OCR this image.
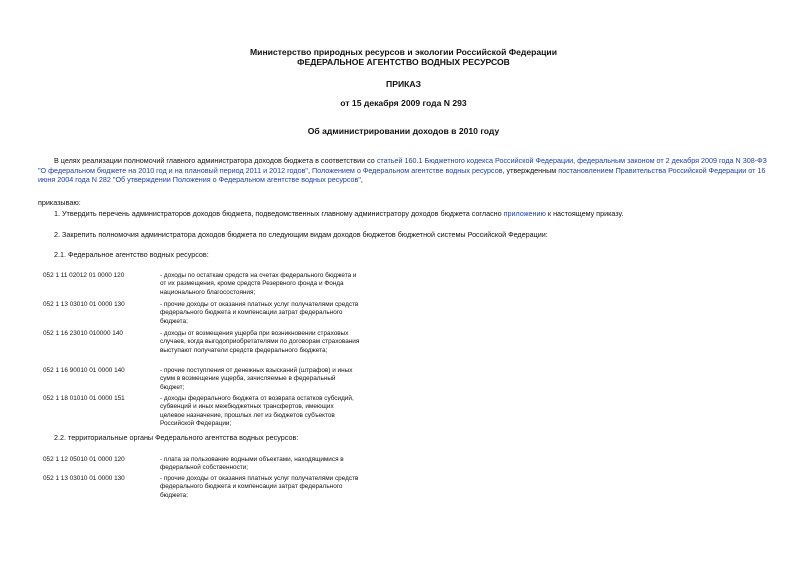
Министерство природных ресурсов и экологии Российской Федерации
ФЕДЕРАЛЬНОЕ АГЕНТСТВО ВОДНЫХ РЕСУРСОВ
ПРИКАЗ
от 15 декабря 2009 года N 293
Об администрировании доходов в 2010 году
В целях реализации полномочий главного администратора доходов бюджета в соответствии со статьей 160.1 Бюджетного кодекса Российской Федерации, федеральным законом от 2 декабря 2009 года N 308-ФЗ "О федеральном бюджете на 2010 год и на плановый период 2011 и 2012 годов", Положением о Федеральном агентстве водных ресурсов, утвержденным постановлением Правительства Российской Федерации от 16 июня 2004 года N 282 "Об утверждении Положения о Федеральном агентстве водных ресурсов",
приказываю:
1. Утвердить перечень администраторов доходов бюджета, подведомственных главному администратору доходов бюджета согласно приложению к настоящему приказу.
2. Закрепить полномочия администратора доходов бюджета по следующим видам доходов бюджетов бюджетной системы Российской Федерации:
2.1. Федеральное агентство водных ресурсов:
052 1 11 02012 01 0000 120	- доходы по остаткам средств на счетах федерального бюджета и от их размещения, кроме средств Резервного фонда и Фонда национального благосостояния;
052 1 13 03010 01 0000 130	- прочие доходы от оказания платных услуг получателями средств федерального бюджета и компенсации затрат федерального бюджета;
052 1 16 23010 010000 140	- доходы от возмещения ущерба при возникновении страховых случаев, когда выгодоприобретателями по договорам страхования выступают получатели средств федерального бюджета;
052 1 16 90010 01 0000 140	- прочие поступления от денежных взысканий (штрафов) и иных сумм в возмещение ущерба, зачисляемые в федеральный бюджет;
052 1 18 01010 01 0000 151	- доходы федерального бюджета от возврата остатков субсидий, субвенций и иных межбюджетных трансфертов, имеющих целевое назначение, прошлых лет из бюджетов субъектов Российской Федерации;
2.2. территориальные органы Федерального агентства водных ресурсов:
052 1 12 05010 01 0000 120	- плата за пользование водными объектами, находящимися в федеральной собственности;
052 1 13 03010 01 0000 130	- прочие доходы от оказания платных услуг получателями средств федерального бюджета и компенсации затрат федерального бюджета;
